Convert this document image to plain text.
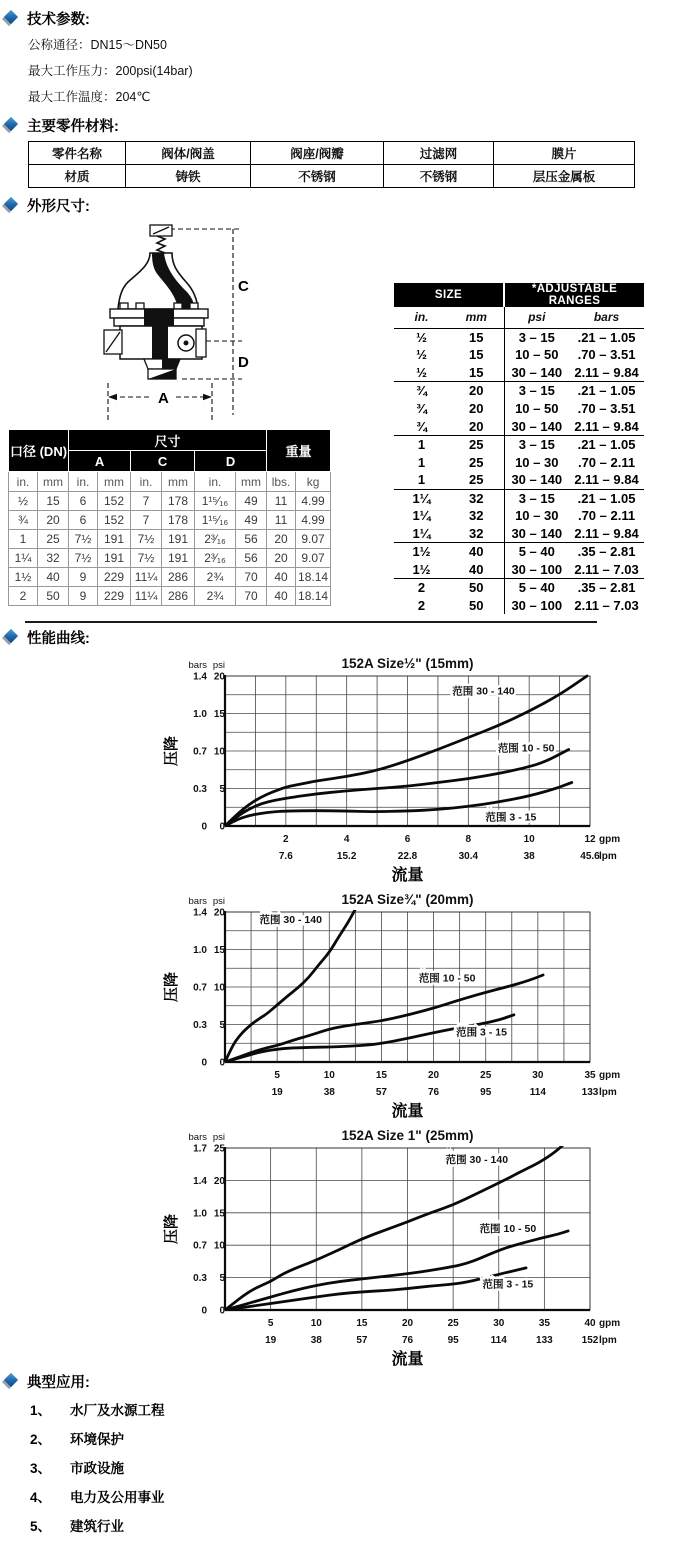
技术参数:
公称通径：DN15～DN50
最大工作压力：200psi(14bar)
最大工作温度：204℃
主要零件材料:
零件名称	阀体/阀盖	阀座/阀瓣	过滤网	膜片
材质	铸铁	不锈钢	不锈钢	层压金属板
外形尺寸:
C
D
A
SIZE		*ADJUSTABLE RANGES	
in.	mm	psi	bars
½	15	3 – 15	.21 – 1.05
½	15	10 – 50	.70 – 3.51
½	15	30 – 140	2.11 – 9.84
¾	20	3 – 15	.21 – 1.05
¾	20	10 – 50	.70 – 3.51
¾	20	30 – 140	2.11 – 9.84
1	25	3 – 15	.21 – 1.05
1	25	10 – 30	.70 – 2.11
1	25	30 – 140	2.11 – 9.84
1¼	32	3 – 15	.21 – 1.05
1¼	32	10 – 30	.70 – 2.11
1¼	32	30 – 140	2.11 – 9.84
1½	40	5 – 40	.35 – 2.81
1½	40	30 – 100	2.11 – 7.03
2	50	5 – 40	.35 – 2.81
2	50	30 – 100	2.11 – 7.03
口径 (DN)		尺寸						重量	
		A		C		D			
in.	mm	in.	mm	in.	mm	in.	mm	lbs.	kg
½	15	6	152	7	178	1¹⁵⁄₁₆	49	11	4.99
¾	20	6	152	7	178	1¹⁵⁄₁₆	49	11	4.99
1	25	7½	191	7½	191	2³⁄₁₆	56	20	9.07
1¼	32	7½	191	7½	191	2³⁄₁₆	56	20	9.07
1½	40	9	229	11¼	286	2¾	70	40	18.14
2	50	9	229	11¼	286	2¾	70	40	18.14
性能曲线:
bars psi	152A Size½" (15mm)
0 0
0.3 5
0.7 10
1.0 15
1.4 20
2
7.6
4
15.2
6
22.8
8
30.4
10
38
12
45.6
gpm
lpm
范围 30 - 140
范围 10 - 50
范围 3 - 15
压降
流量
bars psi	152A Size¾" (20mm)
0 0
0.3 5
0.7 10
1.0 15
1.4 20
5
19
10
38
15
57
20
76
25
95
30
114
35
133
gpm
lpm
范围 30 - 140
范围 10 - 50
范围 3 - 15
压降
流量
bars psi	152A Size 1" (25mm)
0 0
0.3 5
0.7 10
1.0 15
1.4 20
1.7 25
5
19
10
38
15
57
20
76
25
95
30
114
35
133
40
152
gpm
lpm
范围 30 - 140
范围 10 - 50
范围 3 - 15
压降
流量
典型应用:
1、	水厂及水源工程
2、	环境保护
3、	市政设施
4、	电力及公用事业
5、	建筑行业
